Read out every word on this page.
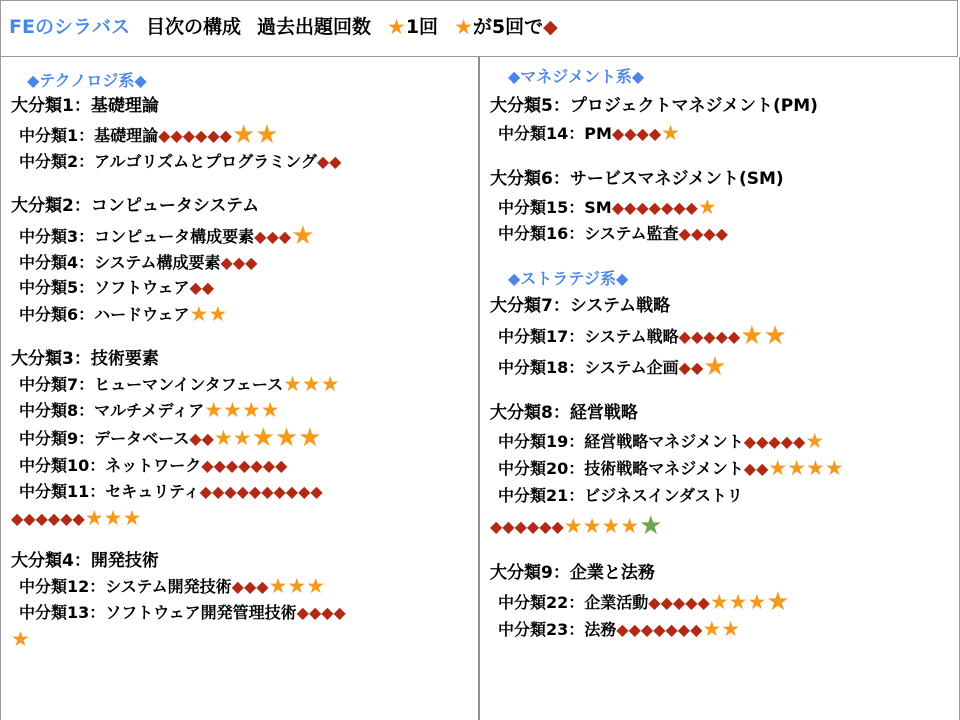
FEのシラバス 目次の構成 過去出題回数 ★1回 ★が5回で◆
◆テクノロジ系◆
大分類1：基礎理論
中分類1：基礎理論◆◆◆◆◆◆★★
中分類2：アルゴリズムとプログラミング◆◆
大分類2：コンピュータシステム
中分類3：コンピュータ構成要素◆◆◆★
中分類4：システム構成要素◆◆◆
中分類5：ソフトウェア◆◆
中分類6：ハードウェア★★
大分類3：技術要素
中分類7：ヒューマンインタフェース★★★
中分類8：マルチメディア★★★★
中分類9：データベース◆◆★★★★★
中分類10：ネットワーク◆◆◆◆◆◆◆
中分類11：セキュリティ◆◆◆◆◆◆◆◆◆◆
◆◆◆◆◆◆★★★
大分類4：開発技術
中分類12：システム開発技術◆◆◆★★★
中分類13：ソフトウェア開発管理技術◆◆◆◆
★
◆マネジメント系◆
大分類5：プロジェクトマネジメント(PM)
中分類14：PM◆◆◆◆★
大分類6：サービスマネジメント(SM)
中分類15：SM◆◆◆◆◆◆◆★
中分類16：システム監査◆◆◆◆
◆ストラテジ系◆
大分類7：システム戦略
中分類17：システム戦略◆◆◆◆◆★★
中分類18：システム企画◆◆★
大分類8：経営戦略
中分類19：経営戦略マネジメント◆◆◆◆◆★
中分類20：技術戦略マネジメント◆◆★★★★
中分類21：ビジネスインダストリ
◆◆◆◆◆◆★★★★★
大分類9：企業と法務
中分類22：企業活動◆◆◆◆◆★★★★
中分類23：法務◆◆◆◆◆◆◆★★
